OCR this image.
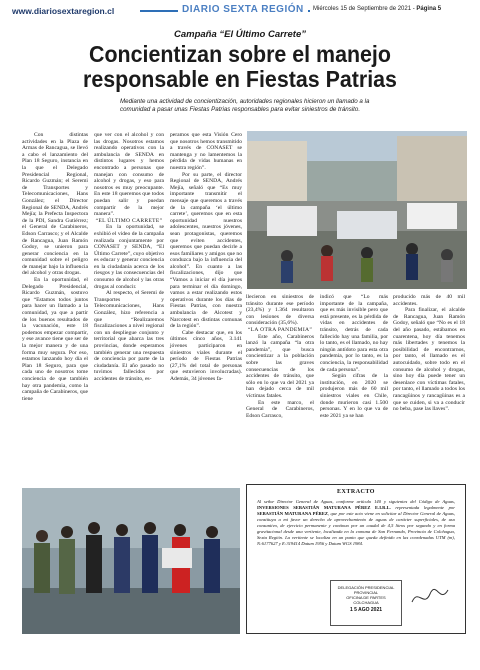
www.diariosextaregion.cl	DIARIO SEXTA REGIÓN	Miércoles 15 de Septiembre de 2021 - Página 5
Campaña “El Último Carrete”
Concientizan sobre el manejo
responsable en Fiestas Patrias
Mediante una actividad de concientización, autoridades regionales hicieron un llamado a la comunidad a pasar unas Fiestas Patrias responsables para evitar siniestros de tránsito.

Con distintas actividades en la Plaza de Armas de Rancagua, se llevó a cabo el lanzamiento del Plan 18 Seguro, instancia en la que el Delegado Presidencial Regional, Ricardo Guzmán; el Seremi de Transportes y Telecomunicaciones, Hans González; el Director Regional de SENDA, Andrés Mejía; la Prefecta Inspectora de la PDI, Sandra Gutiérrez; el General de Carabineros, Edson Carrasco; y el Alcalde de Rancagua, Juan Ramón Godoy, se unieron para generar conciencia en la comunidad sobre el peligro de manejar bajo la influencia del alcohol y otras drogas.

En la oportunidad, el Delegado Presidencial, Ricardo Guzmán, sostuvo que “Estamos todos juntos para hacer un llamado a la comunidad, ya que a partir de los buenos resultados de la vacunación, este 18 podemos empezar compartir, y ese avance tiene que ser de la mejor manera y de una forma muy segura. Por eso, estamos lanzando hoy día el Plan 18 Seguro, para que cada uno de nosotros tome conciencia de que también hay otra pandemia, como la campaña de Carabineros, que tiene

que ver con el alcohol y con las drogas. Nosotros estamos realizando operativos con la ambulancia de SENDA en distintos lugares y hemos encontrado a personas que manejan con consumo de alcohol y drogas, y eso para nosotros es muy preocupante. En este 18 queremos que todos puedan salir y puedan compartir de la mejor manera”.

“EL ÚLTIMO CARRETE”

En la oportunidad, se exhibió el video de la campaña realizada conjuntamente por CONASET y SENDA, “El Último Carrete”, cuyo objetivo es educar y generar conciencia en la ciudadanía acerca de los riesgos y las consecuencias del consumo de alcohol y las otras drogas al conducir.

Al respecto, el Seremi de Transportes y Telecomunicaciones, Hans González, hizo referencia a que “Realizaremos fiscalizaciones a nivel regional con un despliegue conjunto y territorial que abarca las tres provincias, donde esperamos también generar una respuesta de conciencia por parte de la ciudadanía. El año pasado no tuvimos fallecidos por accidentes de tránsito, es-

peramos que esta Visión Cero que nosotros hemos transmitido a través de CONASET se mantenga y no lamentemos la pérdida de vidas humanas en nuestra región”.

Por su parte, el director Regional de SENDA, Andrés Mejía, señaló que “Es muy importante transmitir el mensaje que queremos a través de la campaña ‘el último carrete’, queremos que en esta oportunidad nuestros adolescentes, nuestros jóvenes, sean protagonistas, queremos que eviten accidentes, queremos que puedan decirle a esos familiares y amigos que no conduzca bajo la influencia del alcohol”. En cuanto a las fiscalizaciones, dijo que “Vamos a iniciar el día jueves para terminar el día domingo, vamos a estar realizando estos operativos durante los días de Fiestas Patrias, con nuestra ambulancia de Alcotest y Narcotest en distintas comunas de la región”.

Cabe destacar que, en los últimos cinco años, 3.141 jóvenes participaron en siniestros viales durante el período de Fiestas Patrias (27,1% del total de personas que estuvieron involucradas). Además, 34 jóvenes fa-

llecieron en siniestros de tránsito durante ese período (23,4%) y 1.364 resultaron con lesiones de diversa consideración (35,6%).

“LA OTRA PANDEMIA”

Este año, Carabineros lanzó la campaña “la otra pandemia”, que busca concientizar a la población sobre las graves consecuencias de los accidentes de tránsito, que sólo en lo que va del 2021 ya han dejado cerca de mil víctimas fatales.

En este marco, el General de Carabineros, Edson Carrasco,

indicó que “Lo más importante de la campaña, que es más invisible pero que está presente, es la pérdida de vidas en accidentes de tránsito, detrás de cada fallecido hay una familia, por lo tanto, es el llamado, no hay ningún antídoto para esta otra pandemia, por lo tanto, es la conciencia, la responsabilidad de cada persona”.

Según cifras de la institución, en 2020 se produjeron más de 60 mil siniestros viales en Chile, donde murieron casi 1.500 personas. Y en lo que va de este 2021 ya se han

producido más de 40 mil accidentes.

Para finalizar, el alcalde de Rancagua, Juan Ramón Godoy, señaló que “No es el 18 del año pasado, estábamos en cuarentena, hoy día tenemos más libertades y tenemos la posibilidad de encontrarnos, por tanto, el llamado es el autocuidado, sobre todo en el consumo de alcohol y drogas, sino hoy día puede tener un desenlace con víctimas fatales, por tanto, el llamado a todos los rancagüinos y rancagüinas es a que se cuiden, si va a conducir no beba, pase las llaves”.

EXTRACTO
Al señor Director General de Aguas, conforme artículo 140 y siguientes del Código de Aguas, INVERSIONES SEBASTIÁN MATURANA PÉREZ E.I.R.L. representada legalmente por SEBASTIÁN MATURANA PÉREZ, que por este acto viene en solicitar al Director General de Aguas, constituya a mi favor un derecho de aprovechamiento de aguas de carácter superficiales, de uso consuntivo, de ejercicio permanente y continuo por un caudal de 4,5 litros por segundo y en forma gravitacional desde una vertiente, localizada en la comuna de San Fernando, Provincia de Colchagua, Sexta Región. La vertiente se localiza en un punto que queda definido en las coordenadas UTM (m), N:6177627 y E:319414 Datum 1956 y Datum WGS 1984.
DELEGACIÓN PRESIDENCIAL PROVINCIAL
OFICINA DE PARTES
COLCHAGUA
1 5 AGO 2021
